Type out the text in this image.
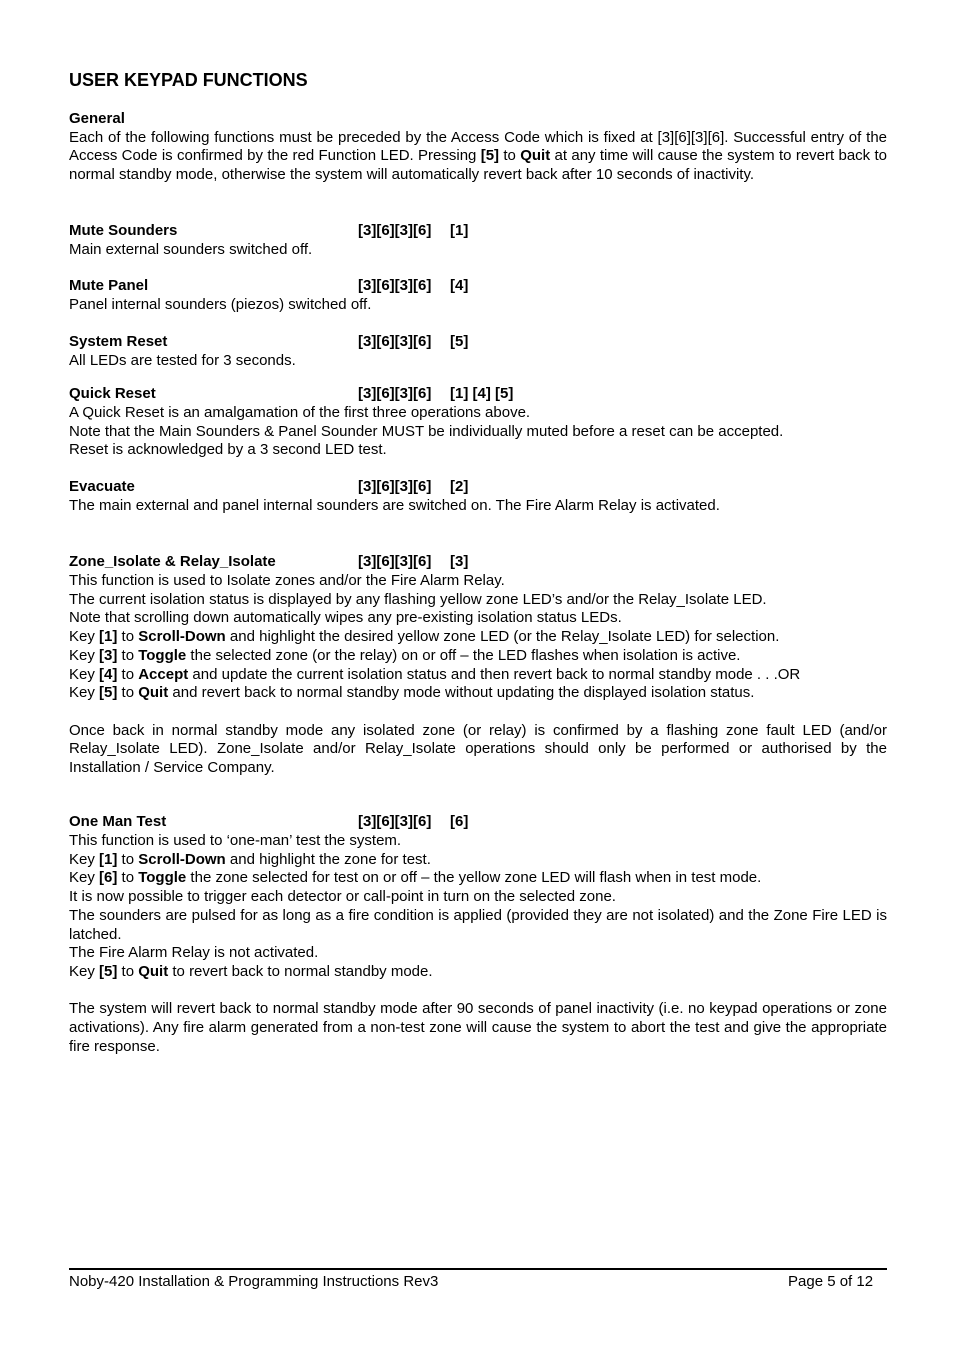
USER KEYPAD FUNCTIONS
General
Each of the following functions must be preceded by the Access Code which is fixed at [3][6][3][6]. Successful entry of the Access Code is confirmed by the red Function LED. Pressing [5] to Quit at any time will cause the system to revert back to normal standby mode, otherwise the system will automatically revert back after 10 seconds of inactivity.
Mute Sounders	[3][6][3][6] [1]
Main external sounders switched off.
Mute Panel	[3][6][3][6] [4]
Panel internal sounders (piezos) switched off.
System Reset	[3][6][3][6] [5]
All LEDs are tested for 3 seconds.
Quick Reset	[3][6][3][6] [1] [4] [5]
A Quick Reset is an amalgamation of the first three operations above.
Note that the Main Sounders & Panel Sounder MUST be individually muted before a reset can be accepted.
Reset is acknowledged by a 3 second LED test.
Evacuate	[3][6][3][6] [2]
The main external and panel internal sounders are switched on. The Fire Alarm Relay is activated.
Zone_Isolate & Relay_Isolate	[3][6][3][6] [3]
This function is used to Isolate zones and/or the Fire Alarm Relay.
The current isolation status is displayed by any flashing yellow zone LED’s and/or the Relay_Isolate LED.
Note that scrolling down automatically wipes any pre-existing isolation status LEDs.
Key [1] to Scroll-Down and highlight the desired yellow zone LED (or the Relay_Isolate LED) for selection.
Key [3] to Toggle the selected zone (or the relay) on or off – the LED flashes when isolation is active.
Key [4] to Accept and update the current isolation status and then revert back to normal standby mode . . .OR
Key [5] to Quit and revert back to normal standby mode without updating the displayed isolation status.
Once back in normal standby mode any isolated zone (or relay) is confirmed by a flashing zone fault LED (and/or Relay_Isolate LED). Zone_Isolate and/or Relay_Isolate operations should only be performed or authorised by the Installation / Service Company.
One Man Test	[3][6][3][6] [6]
This function is used to ‘one-man’ test the system.
Key [1] to Scroll-Down and highlight the zone for test.
Key [6] to Toggle the zone selected for test on or off – the yellow zone LED will flash when in test mode.
It is now possible to trigger each detector or call-point in turn on the selected zone.
The sounders are pulsed for as long as a fire condition is applied (provided they are not isolated) and the Zone Fire LED is latched.
The Fire Alarm Relay is not activated.
Key [5] to Quit to revert back to normal standby mode.
The system will revert back to normal standby mode after 90 seconds of panel inactivity (i.e. no keypad operations or zone activations). Any fire alarm generated from a non-test zone will cause the system to abort the test and give the appropriate fire response.
Noby-420 Installation & Programming Instructions Rev3	Page 5 of 12
